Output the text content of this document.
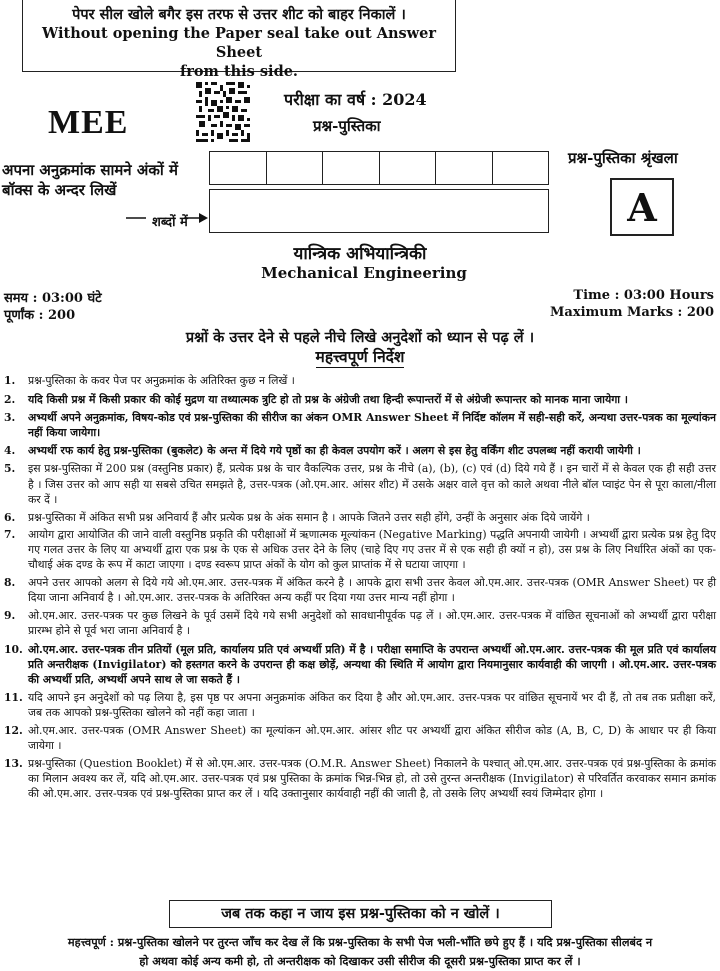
पेपर सील खोले बगैर इस तरफ से उत्तर शीट को बाहर निकालें ।
Without opening the Paper seal take out Answer Sheet
from this side.
MEE
परीक्षा का वर्ष : 2024
प्रश्न-पुस्तिका
अपना अनुक्रमांक सामने अंकों में
बॉक्स के अन्दर लिखें
शब्दों में
प्रश्न-पुस्तिका श्रृंखला
A
यान्त्रिक अभियान्त्रिकी
Mechanical Engineering
समय : 03:00 घंटे
पूर्णांक : 200
Time : 03:00 Hours
Maximum Marks : 200
प्रश्नों के उत्तर देने से पहले नीचे लिखे अनुदेशों को ध्यान से पढ़ लें ।
महत्त्वपूर्ण निर्देश
1.	प्रश्न-पुस्तिका के कवर पेज पर अनुक्रमांक के अतिरिक्त कुछ न लिखें ।
2.	यदि किसी प्रश्न में किसी प्रकार की कोई मुद्रण या तथ्यात्मक त्रुटि हो तो प्रश्न के अंग्रेजी तथा हिन्दी रूपान्तरों में से अंग्रेजी रूपान्तर को मानक माना जायेगा ।
3.	अभ्यर्थी अपने अनुक्रमांक, विषय-कोड एवं प्रश्न-पुस्तिका की सीरीज का अंकन OMR Answer Sheet में निर्दिष्ट कॉलम में सही-सही करें, अन्यथा उत्तर-पत्रक का मूल्यांकन नहीं किया जायेगा।
4.	अभ्यर्थी रफ कार्य हेतु प्रश्न-पुस्तिका (बुकलेट) के अन्त में दिये गये पृष्ठों का ही केवल उपयोग करें । अलग से इस हेतु वर्किंग शीट उपलब्ध नहीं करायी जायेगी ।
5.	इस प्रश्न-पुस्तिका में 200 प्रश्न (वस्तुनिष्ठ प्रकार) हैं, प्रत्येक प्रश्न के चार वैकल्पिक उत्तर, प्रश्न के नीचे (a), (b), (c) एवं (d) दिये गये हैं । इन चारों में से केवल एक ही सही उत्तर है । जिस उत्तर को आप सही या सबसे उचित समझते है, उत्तर-पत्रक (ओ.एम.आर. आंसर शीट) में उसके अक्षर वाले वृत्त को काले अथवा नीले बॉल प्वाइंट पेन से पूरा काला/नीला कर दें ।
6.	प्रश्न-पुस्तिका में अंकित सभी प्रश्न अनिवार्य हैं और प्रत्येक प्रश्न के अंक समान है । आपके जितने उत्तर सही होंगे, उन्हीं के अनुसार अंक दिये जायेंगे ।
7.	आयोग द्वारा आयोजित की जाने वाली वस्तुनिष्ठ प्रकृति की परीक्षाओं में ऋणात्मक मूल्यांकन (Negative Marking) पद्धति अपनायी जायेगी । अभ्यर्थी द्वारा प्रत्येक प्रश्न हेतु दिए गए गलत उत्तर के लिए या अभ्यर्थी द्वारा एक प्रश्न के एक से अधिक उत्तर देने के लिए (चाहे दिए गए उत्तर में से एक सही ही क्यों न हो), उस प्रश्न के लिए निर्धारित अंकों का एक-चौथाई अंक दण्ड के रूप में काटा जाएगा । दण्ड स्वरूप प्राप्त अंकों के योग को कुल प्राप्तांक में से घटाया जाएगा ।
8.	अपने उत्तर आपको अलग से दिये गये ओ.एम.आर. उत्तर-पत्रक में अंकित करने है । आपके द्वारा सभी उत्तर केवल ओ.एम.आर. उत्तर-पत्रक (OMR Answer Sheet) पर ही दिया जाना अनिवार्य है । ओ.एम.आर. उत्तर-पत्रक के अतिरिक्त अन्य कहीं पर दिया गया उत्तर मान्य नहीं होगा ।
9.	ओ.एम.आर. उत्तर-पत्रक पर कुछ लिखने के पूर्व उसमें दिये गये सभी अनुदेशों को सावधानीपूर्वक पढ़ लें । ओ.एम.आर. उत्तर-पत्रक में वांछित सूचनाओं को अभ्यर्थी द्वारा परीक्षा प्रारम्भ होने से पूर्व भरा जाना अनिवार्य है ।
10. ओ.एम.आर. उत्तर-पत्रक तीन प्रतियों (मूल प्रति, कार्यालय प्रति एवं अभ्यर्थी प्रति) में है । परीक्षा समाप्ति के उपरान्त अभ्यर्थी ओ.एम.आर. उत्तर-पत्रक की मूल प्रति एवं कार्यालय प्रति अन्तरीक्षक (Invigilator) को हस्तगत करने के उपरान्त ही कक्ष छोड़ें, अन्यथा की स्थिति में आयोग द्वारा नियमानुसार कार्यवाही की जाएगी । ओ.एम.आर. उत्तर-पत्रक की अभ्यर्थी प्रति, अभ्यर्थी अपने साथ ले जा सकते हैं ।
11. यदि आपने इन अनुदेशों को पढ़ लिया है, इस पृष्ठ पर अपना अनुक्रमांक अंकित कर दिया है और ओ.एम.आर. उत्तर-पत्रक पर वांछित सूचनायें भर दी हैं, तो तब तक प्रतीक्षा करें, जब तक आपको प्रश्न-पुस्तिका खोलने को नहीं कहा जाता ।
12. ओ.एम.आर. उत्तर-पत्रक (OMR Answer Sheet) का मूल्यांकन ओ.एम.आर. आंसर शीट पर अभ्यर्थी द्वारा अंकित सीरीज कोड (A, B, C, D) के आधार पर ही किया जायेगा ।
13. प्रश्न-पुस्तिका (Question Booklet) में से ओ.एम.आर. उत्तर-पत्रक (O.M.R. Answer Sheet) निकालने के पश्चात् ओ.एम.आर. उत्तर-पत्रक एवं प्रश्न-पुस्तिका के क्रमांक का मिलान अवश्य कर लें, यदि ओ.एम.आर. उत्तर-पत्रक एवं प्रश्न पुस्तिका के क्रमांक भिन्न-भिन्न हो, तो उसे तुरन्त अन्तरीक्षक (Invigilator) से परिवर्तित करवाकर समान क्रमांक की ओ.एम.आर. उत्तर-पत्रक एवं प्रश्न-पुस्तिका प्राप्त कर लें । यदि उक्तानुसार कार्यवाही नहीं की जाती है, तो उसके लिए अभ्यर्थी स्वयं जिम्मेदार होगा ।
जब तक कहा न जाय इस प्रश्न-पुस्तिका को न खोलें ।
महत्त्वपूर्ण : प्रश्न-पुस्तिका खोलने पर तुरन्त जाँच कर देख लें कि प्रश्न-पुस्तिका के सभी पेज भली-भाँति छपे हुए हैं । यदि प्रश्न-पुस्तिका सीलबंद न
हो अथवा कोई अन्य कमी हो, तो अन्तरीक्षक को दिखाकर उसी सीरीज की दूसरी प्रश्न-पुस्तिका प्राप्त कर लें ।
